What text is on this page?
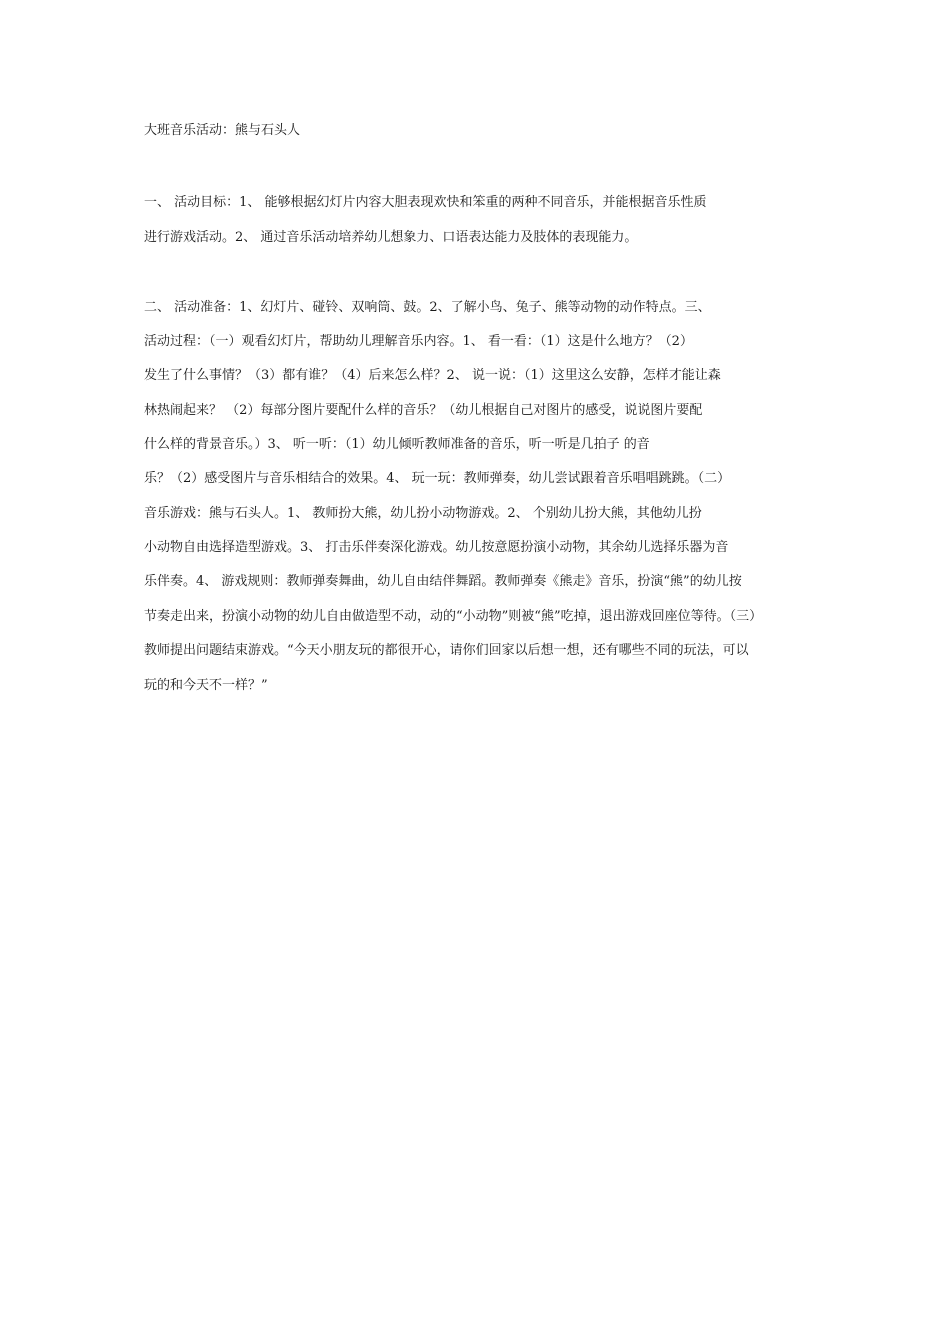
大班音乐活动：熊与石头人

一、 活动目标：1、 能够根据幻灯片内容大胆表现欢快和笨重的两种不同音乐，并能根据音乐性质

进行游戏活动。2、 通过音乐活动培养幼儿想象力、口语表达能力及肢体的表现能力。

二、 活动准备：1、幻灯片、碰铃、双响筒、鼓。2、了解小鸟、兔子、熊等动物的动作特点。三、

活动过程：（一）观看幻灯片，帮助幼儿理解音乐内容。1、 看一看：（1）这是什么地方？（2）

发生了什么事情？（3）都有谁？（4）后来怎么样？2、 说一说：（1）这里这么安静，怎样才能让森

林热闹起来？ （2）每部分图片要配什么样的音乐？（幼儿根据自己对图片的感受，说说图片要配

什么样的背景音乐。）3、 听一听：（1）幼儿倾听教师准备的音乐，听一听是几拍子 的音

乐？（2）感受图片与音乐相结合的效果。4、 玩一玩：教师弹奏，幼儿尝试跟着音乐唱唱跳跳。（二）

音乐游戏：熊与石头人。1、 教师扮大熊，幼儿扮小动物游戏。2、 个别幼儿扮大熊，其他幼儿扮

小动物自由选择造型游戏。3、 打击乐伴奏深化游戏。幼儿按意愿扮演小动物，其余幼儿选择乐器为音

乐伴奏。4、 游戏规则：教师弹奏舞曲，幼儿自由结伴舞蹈。教师弹奏《熊走》音乐，扮演“熊”的幼儿按

节奏走出来，扮演小动物的幼儿自由做造型不动，动的“小动物”则被“熊”吃掉，退出游戏回座位等待。（三）

教师提出问题结束游戏。“今天小朋友玩的都很开心，请你们回家以后想一想，还有哪些不同的玩法，可以

玩的和今天不一样？”
